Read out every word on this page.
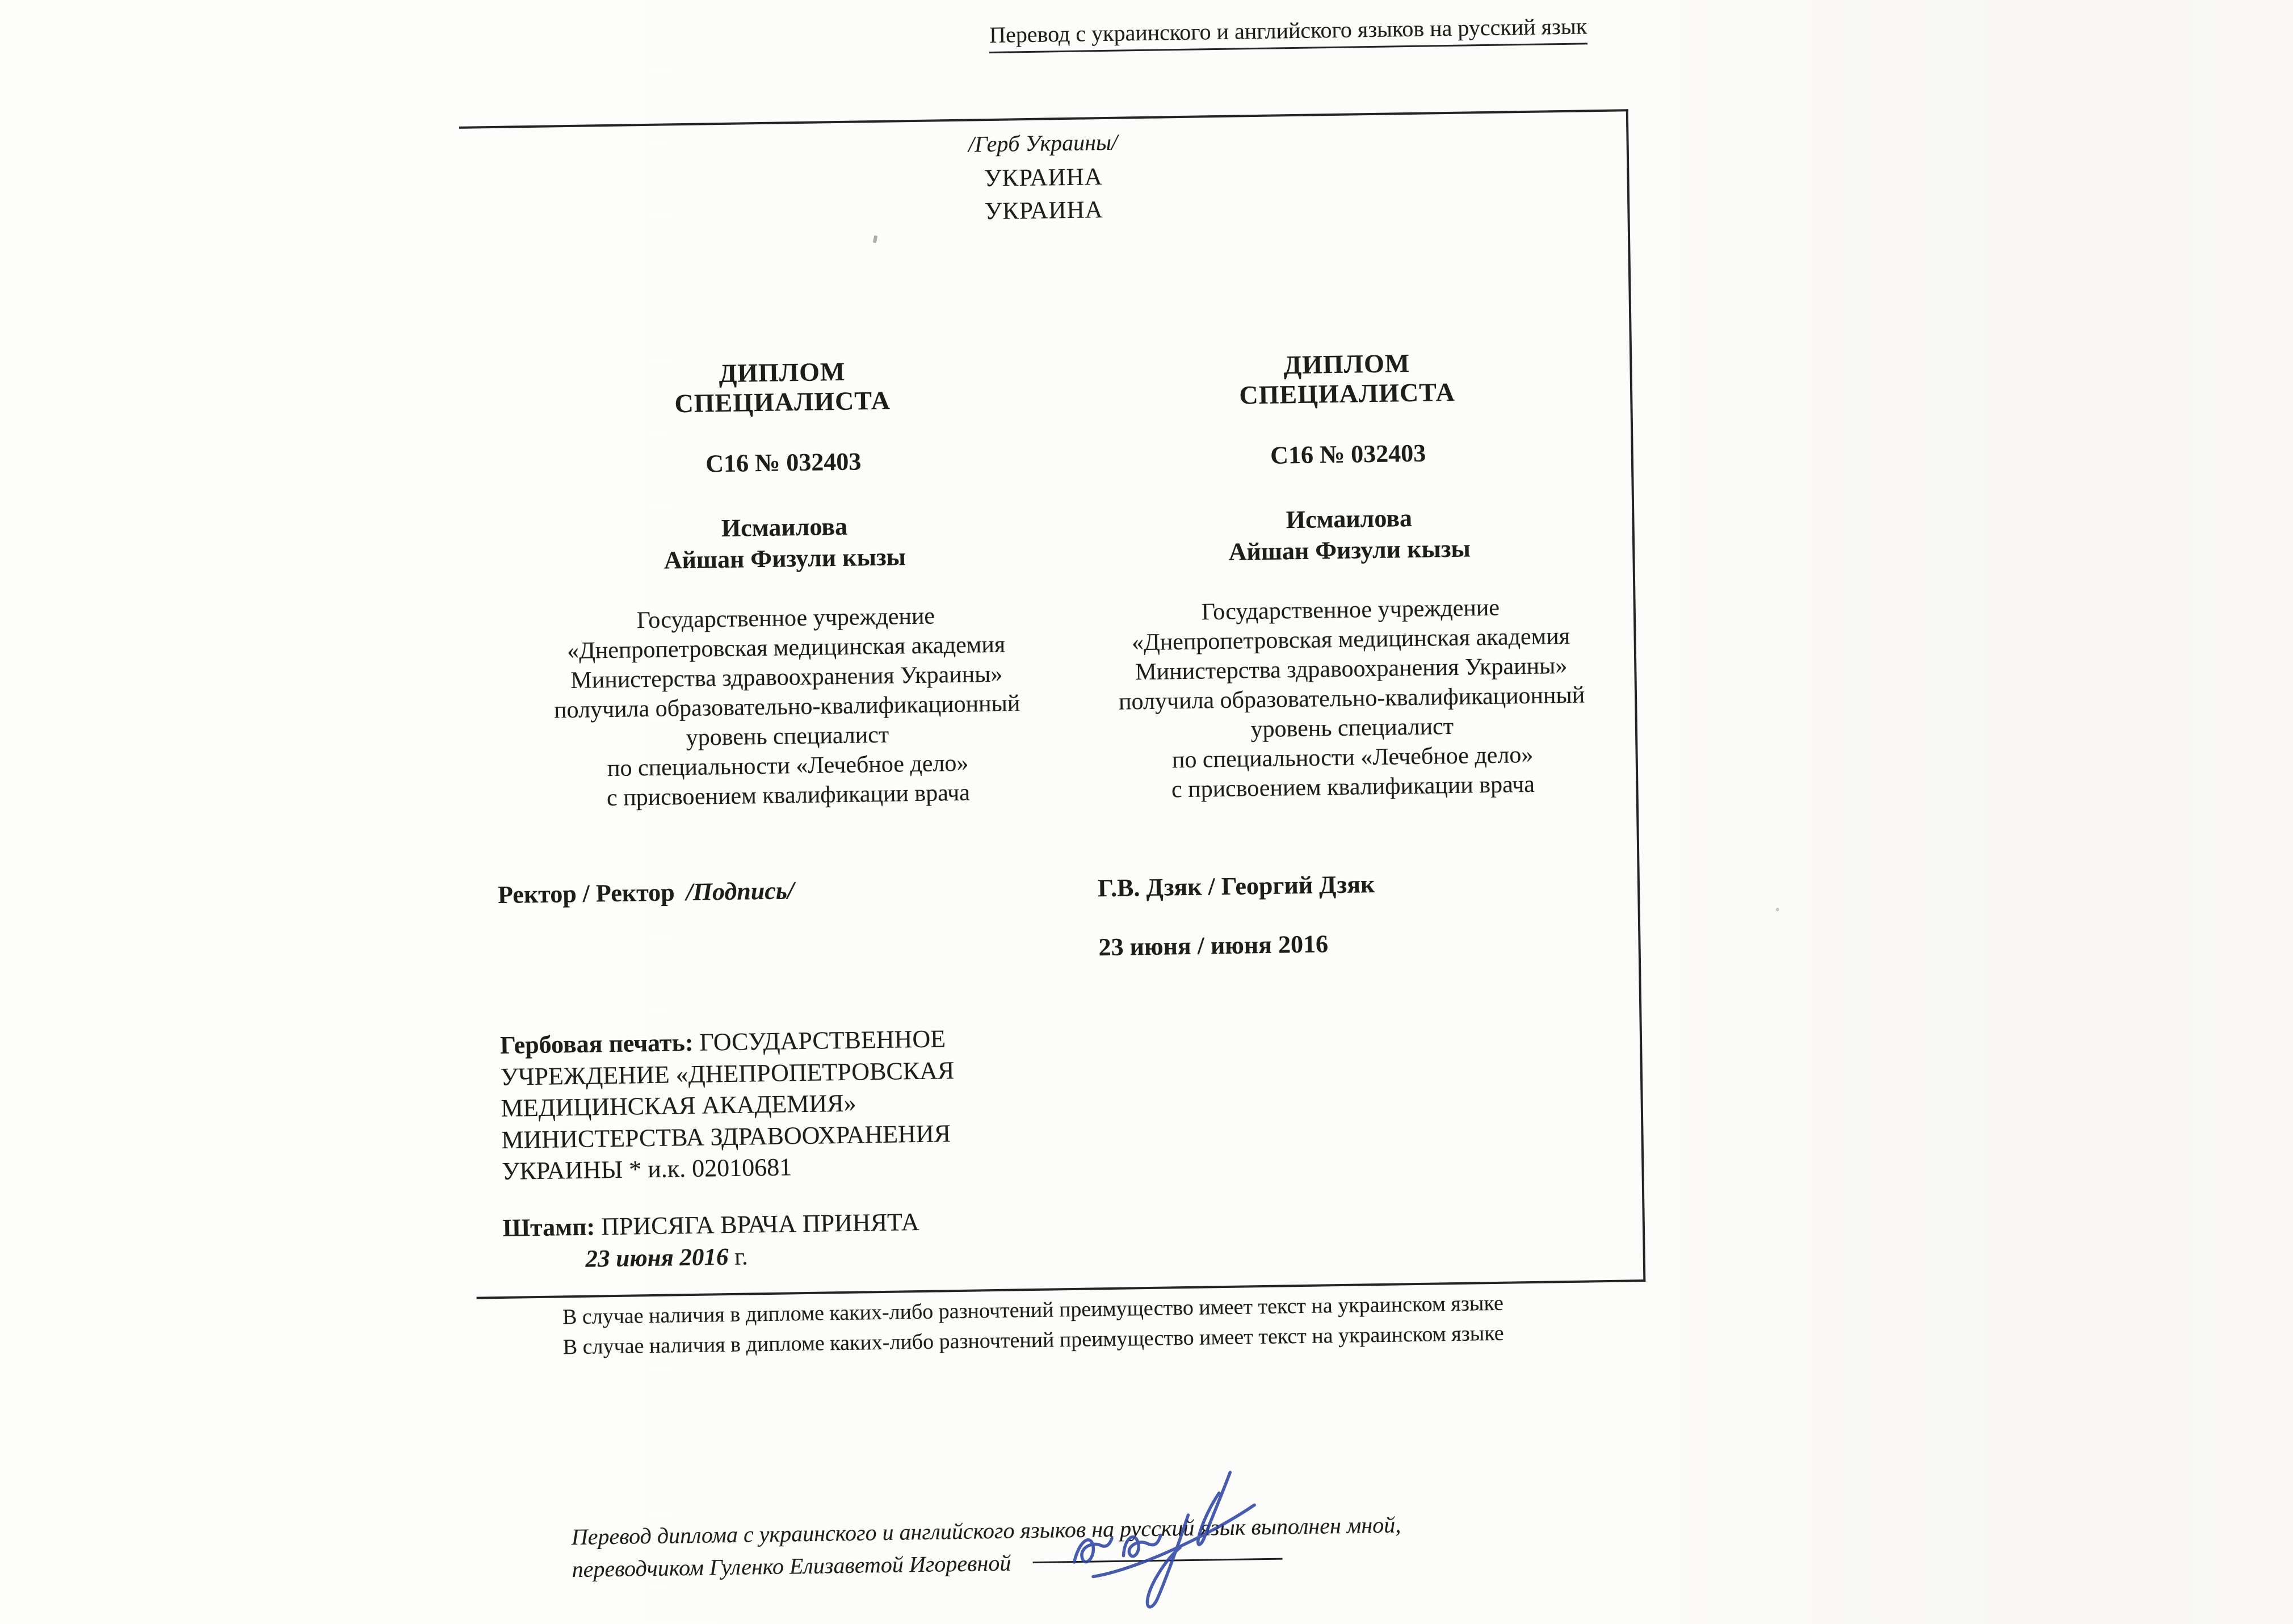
Перевод с украинского и английского языков на русский язык
/Герб Украины/
УКРАИНА
УКРАИНА
ДИПЛОМ
СПЕЦИАЛИСТА
С16 № 032403
Исмаилова
Айшан Физули кызы
Государственное учреждение
«Днепропетровская медицинская академия
Министерства здравоохранения Украины»
получила образовательно-квалификационный
уровень специалист
по специальности «Лечебное дело»
с присвоением квалификации врача
ДИПЛОМ
СПЕЦИАЛИСТА
С16 № 032403
Исмаилова
Айшан Физули кызы
Государственное учреждение
«Днепропетровская медицинская академия
Министерства здравоохранения Украины»
получила образовательно-квалификационный
уровень специалист
по специальности «Лечебное дело»
с присвоением квалификации врача
Ректор / Ректор /Подпись/	Г.В. Дзяк / Георгий Дзяк
23 июня / июня 2016
Гербовая печать: ГОСУДАРСТВЕННОЕ
УЧРЕЖДЕНИЕ «ДНЕПРОПЕТРОВСКАЯ
МЕДИЦИНСКАЯ АКАДЕМИЯ»
МИНИСТЕРСТВА ЗДРАВООХРАНЕНИЯ
УКРАИНЫ * и.к. 02010681
Штамп: ПРИСЯГА ВРАЧА ПРИНЯТА
23 июня 2016 г.
В случае наличия в дипломе каких-либо разночтений преимущество имеет текст на украинском языке
В случае наличия в дипломе каких-либо разночтений преимущество имеет текст на украинском языке
Перевод диплома с украинского и английского языков на русский язык выполнен мной,
переводчиком Гуленко Елизаветой Игоревной
